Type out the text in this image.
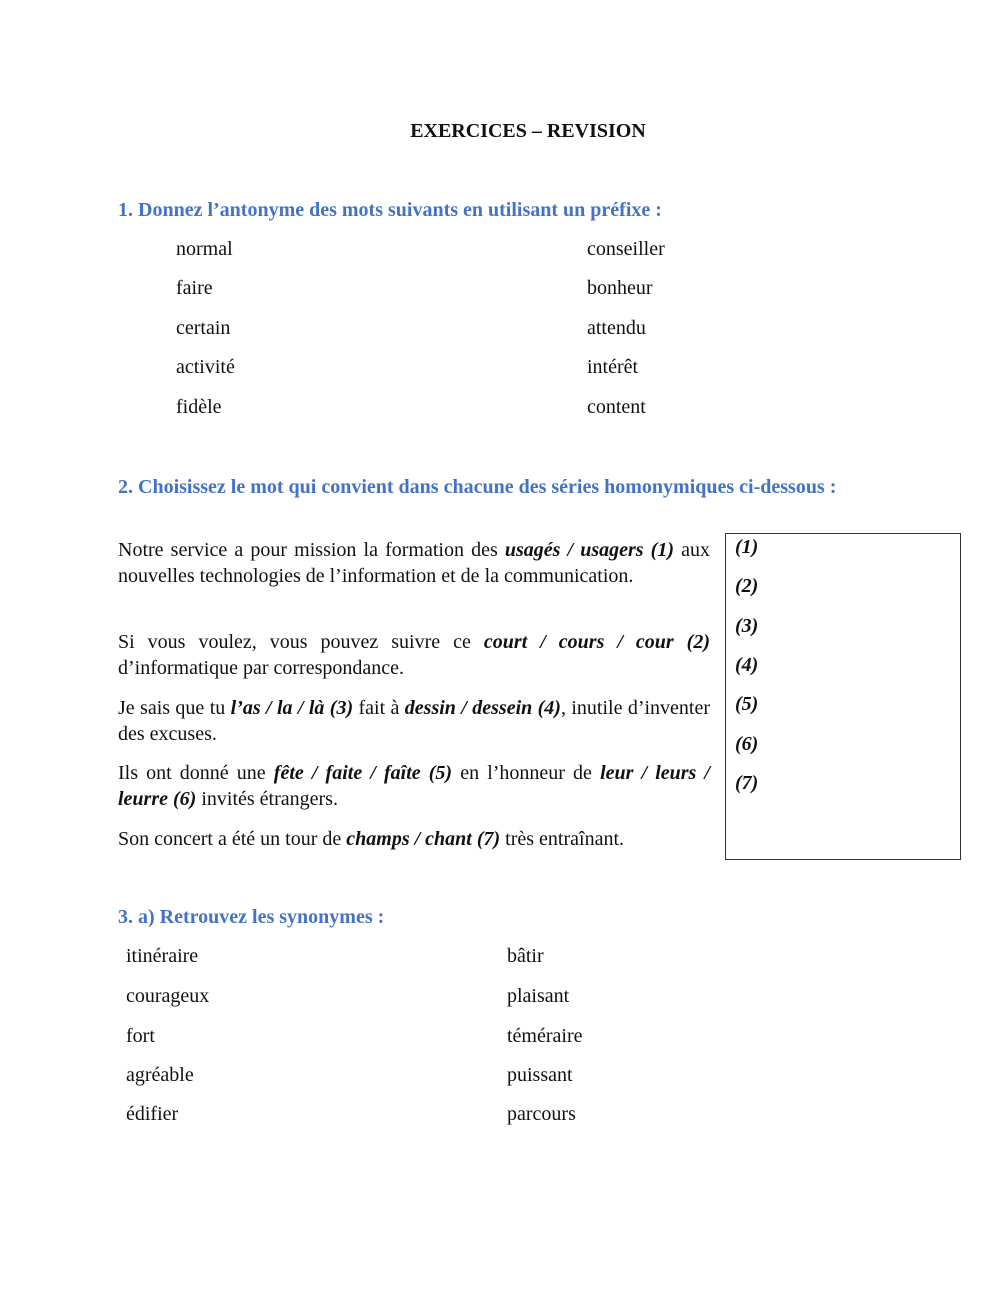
EXERCICES – REVISION
1. Donnez l’antonyme des mots suivants en utilisant un préfixe :
normal
faire
certain
activité
fidèle
conseiller
bonheur
attendu
intérêt
content
2. Choisissez le mot qui convient dans chacune des séries homonymiques ci-dessous :
Notre service a pour mission la formation des usagés / usagers (1) aux nouvelles technologies de l’information et de la communication.
Si vous voulez, vous pouvez suivre ce court / cours / cour (2) d’informatique par correspondance.
Je sais que tu l’as / la / là (3) fait à dessin / dessein (4), inutile d’inventer des excuses.
Ils ont donné une fête / faite / faîte (5) en l’honneur de leur / leurs / leurre (6) invités étrangers.
Son concert a été un tour de champs / chant (7) très entraînant.
(1)
(2)
(3)
(4)
(5)
(6)
(7)
3. a) Retrouvez les synonymes :
itinéraire
courageux
fort
agréable
édifier
bâtir
plaisant
téméraire
puissant
parcours
